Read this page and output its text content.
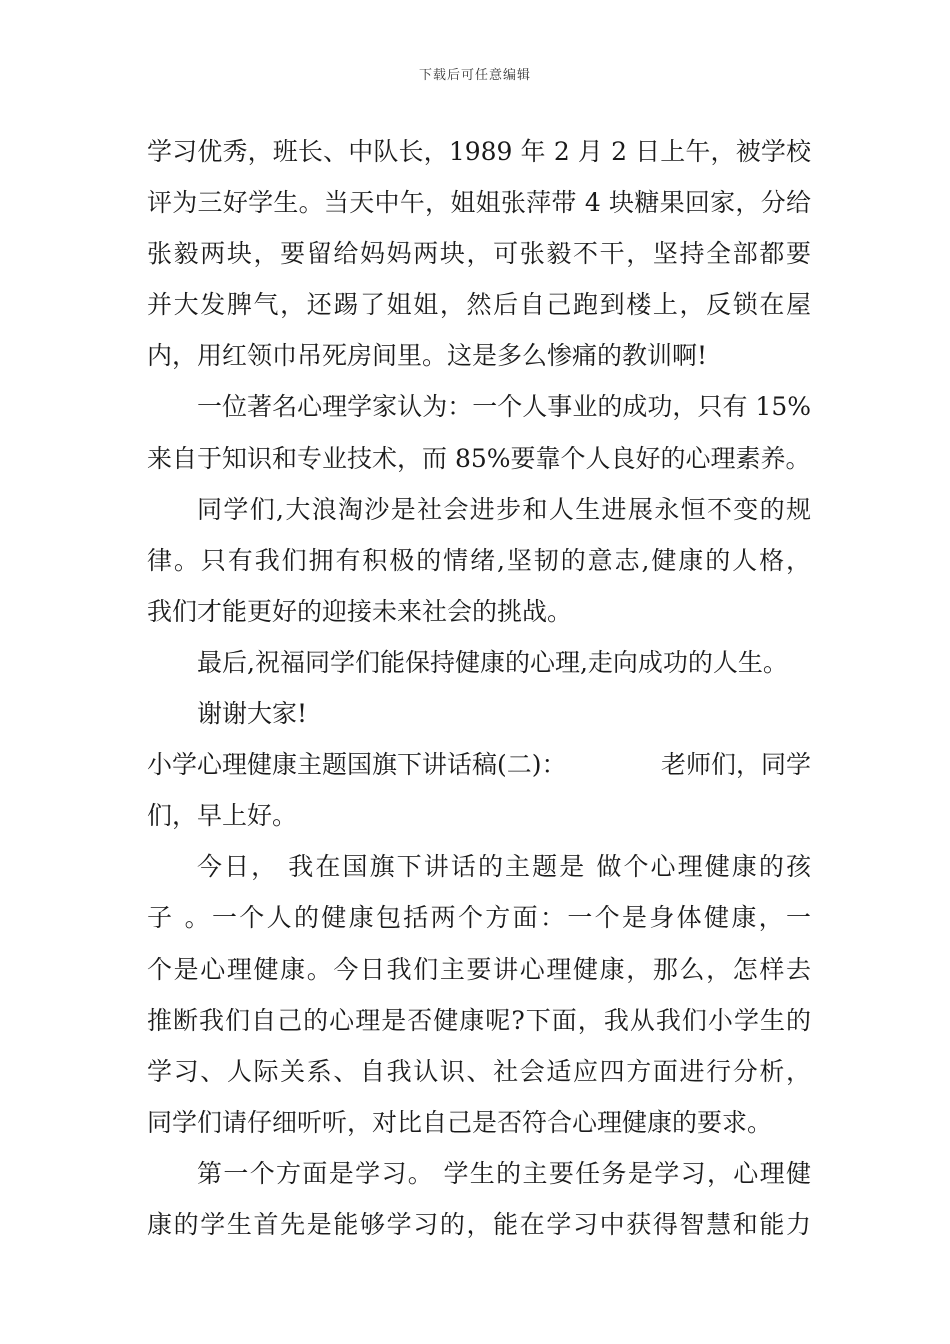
下载后可任意编辑
学习优秀，班长、中队长，1989 年 2 月 2 日上午，被学校
评为三好学生。当天中午，姐姐张萍带 4 块糖果回家，分给
张毅两块，要留给妈妈两块，可张毅不干，坚持全部都要
并大发脾气，还踢了姐姐，然后自己跑到楼上，反锁在屋
内，用红领巾吊死房间里。这是多么惨痛的教训啊!
一位著名心理学家认为：一个人事业的成功，只有 15%
来自于知识和专业技术，而 85%要靠个人良好的心理素养。
同学们,大浪淘沙是社会进步和人生进展永恒不变的规
律。只有我们拥有积极的情绪,坚韧的意志,健康的人格，
我们才能更好的迎接未来社会的挑战。
最后,祝福同学们能保持健康的心理,走向成功的人生。
谢谢大家!
小学心理健康主题国旗下讲话稿(二)：	老师们，同学
们，早上好。
今日， 我在国旗下讲话的主题是 做个心理健康的孩
子 。一个人的健康包括两个方面：一个是身体健康，一
个是心理健康。今日我们主要讲心理健康，那么，怎样去
推断我们自己的心理是否健康呢?下面，我从我们小学生的
学习、人际关系、自我认识、社会适应四方面进行分析，
同学们请仔细听听，对比自己是否符合心理健康的要求。
第一个方面是学习。 学生的主要任务是学习，心理健
康的学生首先是能够学习的，能在学习中获得智慧和能力
